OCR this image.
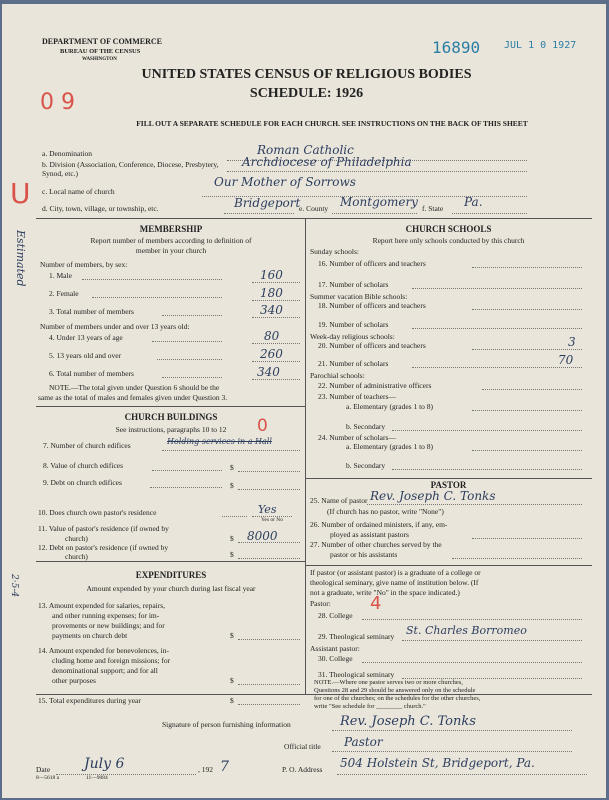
DEPARTMENT OF COMMERCE
BUREAU OF THE CENSUS
WASHINGTON
16890 JUL 1 0 1927
UNITED STATES CENSUS OF RELIGIOUS BODIES
SCHEDULE: 1926
0 9
FILL OUT A SEPARATE SCHEDULE FOR EACH CHURCH. SEE INSTRUCTIONS ON THE BACK OF THIS SHEET
a. Denomination	Roman Catholic
b. Division (Association, Conference, Diocese, Presbytery, Synod, etc.)
Archdiocese of Philadelphia
c. Local name of church
Our Mother of Sorrows
d. City, town, village, or township, etc.	Bridgeport
e. County Montgomery f. State Pa.
U
MEMBERSHIP
Report number of members according to definition of
member in your church
Estimated Number of members, by sex:
1. Male	160
2. Female	180
3. Total number of members	340
Number of members under and over 13 years old:
4. Under 13 years of age	80
5. 13 years old and over	260
6. Total number of members	340
NOTE.—The total given under Question 6 should be the
same as the total of males and females given under Question 3.
CHURCH BUILDINGS
See instructions, paragraphs 10 to 12	0
7. Number of church edifices	Holding services in a Hall
8. Value of church edifices	$
9. Debt on church edifices	$
10. Does church own pastor's residence	Yes
Yes or No
11. Value of pastor's residence (if owned by
church)	$ 8000
12. Debt on pastor's residence (if owned by
church)	$
EXPENDITURES
Amount expended by your church during last fiscal year
2·5-4
13. Amount expended for salaries, repairs,
and other running expenses; for im-
provements or new buildings; and for
payments on church debt	$
14. Amount expended for benevolences, in-
cluding home and foreign missions; for
denominational support; and for all
other purposes	$
15. Total expenditures during year	$
CHURCH SCHOOLS
Report here only schools conducted by this church
Sunday schools:
16. Number of officers and teachers
17. Number of scholars
Summer vacation Bible schools:
18. Number of officers and teachers
19. Number of scholars
Week-day religious schools:
20. Number of officers and teachers	3
21. Number of scholars	70
Parochial schools:
22. Number of administrative officers
23. Number of teachers—
a. Elementary (grades 1 to 8)
b. Secondary
24. Number of scholars—
a. Elementary (grades 1 to 8)
b. Secondary
PASTOR
25. Name of pastor Rev. Joseph C. Tonks
(If church has no pastor, write "None")
26. Number of ordained ministers, if any, em-
ployed as assistant pastors
27. Number of other churches served by the
pastor or his assistants
If pastor (or assistant pastor) is a graduate of a college or
theological seminary, give name of institution below. (If
not a graduate, write "No" in the space indicated.)
Pastor:
28. College
4
29. Theological seminary St. Charles Borromeo
Assistant pastor:
30. College
31. Theological seminary
NOTE.—Where one pastor serves two or more churches,
Questions 28 and 29 should be answered only on the schedule
for one of the churches; on the schedules for the other churches,
write "See schedule for ________ church."
Signature of person furnishing information	Rev. Joseph C. Tonks
Official title Pastor
Date July 6	, 192 7	P. O. Address 504 Holstein St, Bridgeport, Pa.
8—5618 a	11—9084
